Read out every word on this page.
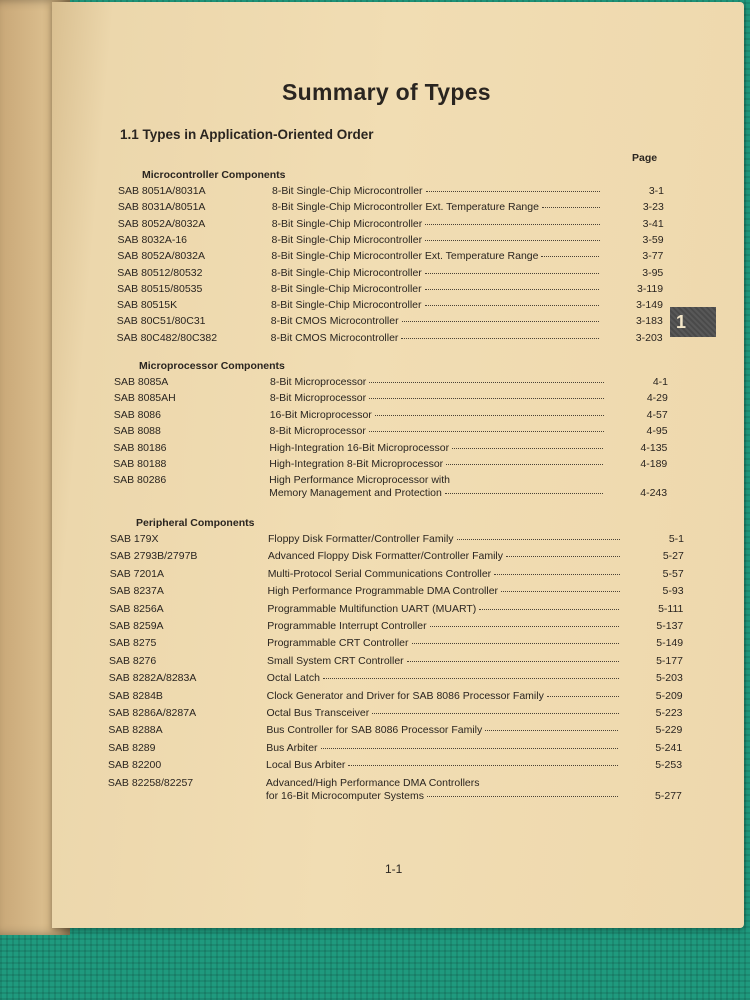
Summary of Types
1.1 Types in Application-Oriented Order
Page
1-1
Microcontroller Components
SAB 8051A/8031A	8-Bit Single-Chip Microcontroller	3-1
SAB 8031A/8051A	8-Bit Single-Chip Microcontroller Ext. Temperature Range	3-23
SAB 8052A/8032A	8-Bit Single-Chip Microcontroller	3-41
SAB 8032A-16	8-Bit Single-Chip Microcontroller	3-59
SAB 8052A/8032A	8-Bit Single-Chip Microcontroller Ext. Temperature Range	3-77
SAB 80512/80532	8-Bit Single-Chip Microcontroller	3-95
SAB 80515/80535	8-Bit Single-Chip Microcontroller	3-119
SAB 80515K	8-Bit Single-Chip Microcontroller	3-149
SAB 80C51/80C31	8-Bit CMOS Microcontroller	3-183
SAB 80C482/80C382	8-Bit CMOS Microcontroller	3-203
Microprocessor Components
SAB 8085A	8-Bit Microprocessor	4-1
SAB 8085AH	8-Bit Microprocessor	4-29
SAB 8086	16-Bit Microprocessor	4-57
SAB 8088	8-Bit Microprocessor	4-95
SAB 80186	High-Integration 16-Bit Microprocessor	4-135
SAB 80188	High-Integration 8-Bit Microprocessor	4-189
SAB 80286	High Performance Microprocessor with
Memory Management and Protection	4-243
Peripheral Components
SAB 179X	Floppy Disk Formatter/Controller Family	5-1
SAB 2793B/2797B	Advanced Floppy Disk Formatter/Controller Family	5-27
SAB 7201A	Multi-Protocol Serial Communications Controller	5-57
SAB 8237A	High Performance Programmable DMA Controller	5-93
SAB 8256A	Programmable Multifunction UART (MUART)	5-111
SAB 8259A	Programmable Interrupt Controller	5-137
SAB 8275	Programmable CRT Controller	5-149
SAB 8276	Small System CRT Controller	5-177
SAB 8282A/8283A	Octal Latch	5-203
SAB 8284B	Clock Generator and Driver for SAB 8086 Processor Family	5-209
SAB 8286A/8287A	Octal Bus Transceiver	5-223
SAB 8288A	Bus Controller for SAB 8086 Processor Family	5-229
SAB 8289	Bus Arbiter	5-241
SAB 82200	Local Bus Arbiter	5-253
SAB 82258/82257	Advanced/High Performance DMA Controllers
for 16-Bit Microcomputer Systems	5-277
1
